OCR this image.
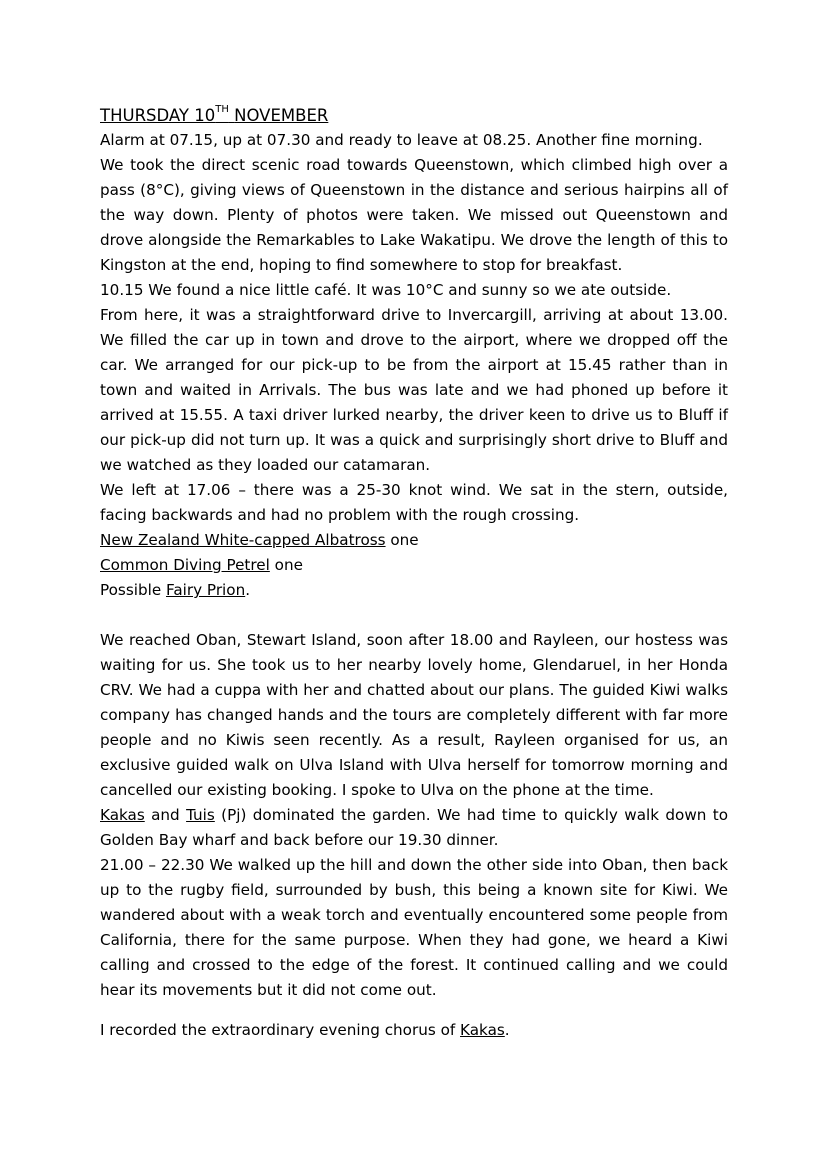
THURSDAY 10TH NOVEMBER

Alarm at 07.15, up at 07.30 and ready to leave at 08.25. Another fine morning.

We took the direct scenic road towards Queenstown, which climbed high over a pass (8°C), giving views of Queenstown in the distance and serious hairpins all of the way down. Plenty of photos were taken. We missed out Queenstown and drove alongside the Remarkables to Lake Wakatipu. We drove the length of this to Kingston at the end, hoping to find somewhere to stop for breakfast.

10.15 We found a nice little café. It was 10°C and sunny so we ate outside.

From here, it was a straightforward drive to Invercargill, arriving at about 13.00. We filled the car up in town and drove to the airport, where we dropped off the car. We arranged for our pick-up to be from the airport at 15.45 rather than in town and waited in Arrivals. The bus was late and we had phoned up before it arrived at 15.55. A taxi driver lurked nearby, the driver keen to drive us to Bluff if our pick-up did not turn up. It was a quick and surprisingly short drive to Bluff and we watched as they loaded our catamaran.

We left at 17.06 – there was a 25-30 knot wind. We sat in the stern, outside, facing backwards and had no problem with the rough crossing.

New Zealand White-capped Albatross one

Common Diving Petrel one

Possible Fairy Prion.

We reached Oban, Stewart Island, soon after 18.00 and Rayleen, our hostess was waiting for us. She took us to her nearby lovely home, Glendaruel, in her Honda CRV. We had a cuppa with her and chatted about our plans. The guided Kiwi walks company has changed hands and the tours are completely different with far more people and no Kiwis seen recently. As a result, Rayleen organised for us, an exclusive guided walk on Ulva Island with Ulva herself for tomorrow morning and cancelled our existing booking. I spoke to Ulva on the phone at the time.

Kakas and Tuis (Pj) dominated the garden. We had time to quickly walk down to Golden Bay wharf and back before our 19.30 dinner.

21.00 – 22.30 We walked up the hill and down the other side into Oban, then back up to the rugby field, surrounded by bush, this being a known site for Kiwi. We wandered about with a weak torch and eventually encountered some people from California, there for the same purpose. When they had gone, we heard a Kiwi calling and crossed to the edge of the forest. It continued calling and we could hear its movements but it did not come out.

I recorded the extraordinary evening chorus of Kakas.
